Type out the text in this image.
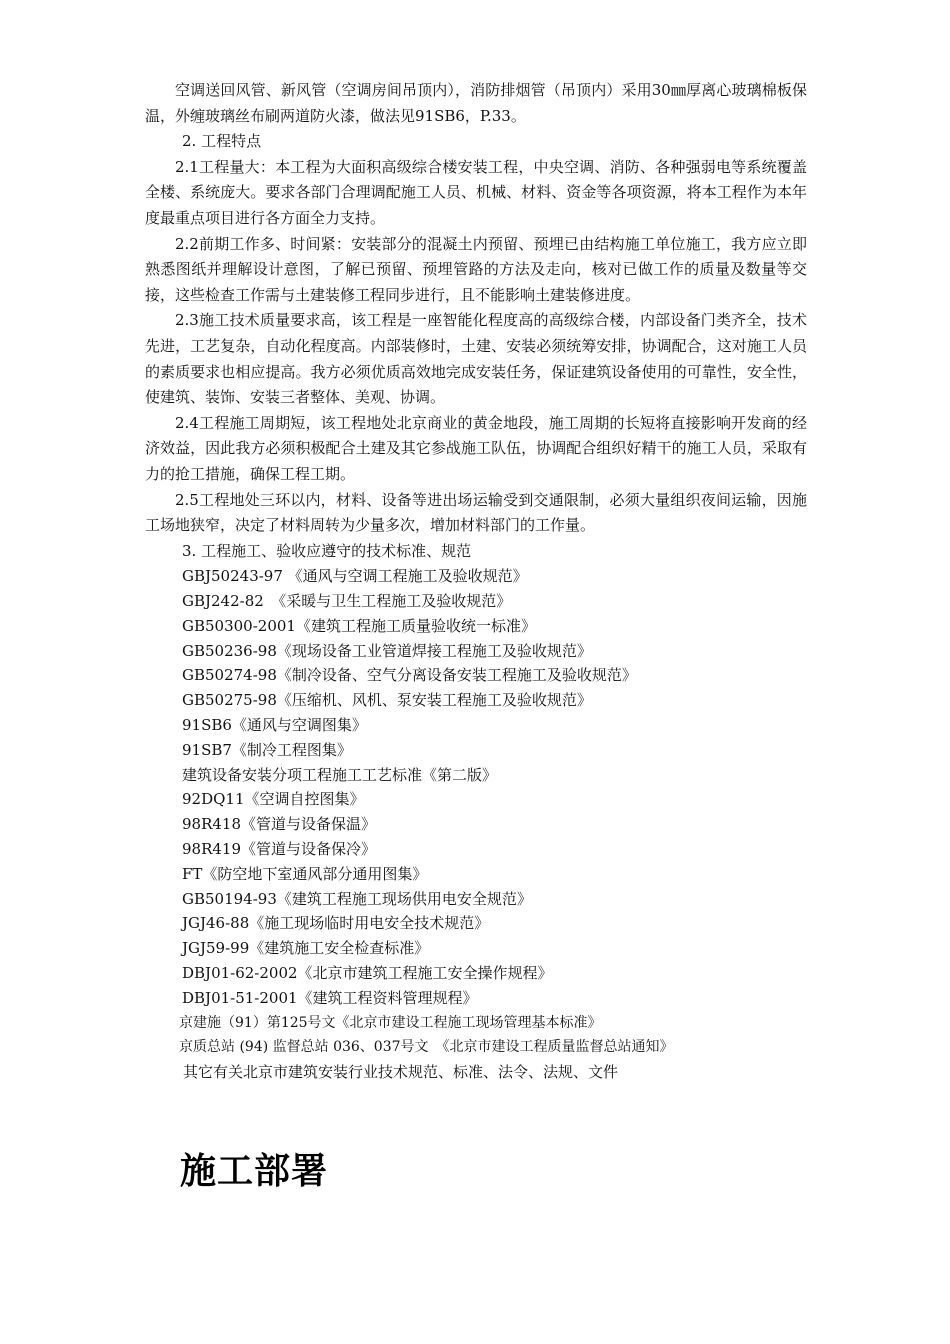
空调送回风管、新风管（空调房间吊顶内），消防排烟管（吊顶内）采用30㎜厚离心玻璃棉板保温，外缠玻璃丝布刷两道防火漆，做法见91SB6，P.33。

2. 工程特点

2.1工程量大：本工程为大面积高级综合楼安装工程，中央空调、消防、各种强弱电等系统覆盖全楼、系统庞大。要求各部门合理调配施工人员、机械、材料、资金等各项资源，将本工程作为本年度最重点项目进行各方面全力支持。

2.2前期工作多、时间紧：安装部分的混凝土内预留、预埋已由结构施工单位施工，我方应立即熟悉图纸并理解设计意图，了解已预留、预埋管路的方法及走向，核对已做工作的质量及数量等交接，这些检查工作需与土建装修工程同步进行，且不能影响土建装修进度。

2.3施工技术质量要求高，该工程是一座智能化程度高的高级综合楼，内部设备门类齐全，技术先进，工艺复杂，自动化程度高。内部装修时，土建、安装必须统筹安排，协调配合，这对施工人员的素质要求也相应提高。我方必须优质高效地完成安装任务，保证建筑设备使用的可靠性，安全性，使建筑、装饰、安装三者整体、美观、协调。

2.4工程施工周期短，该工程地处北京商业的黄金地段，施工周期的长短将直接影响开发商的经济效益，因此我方必须积极配合土建及其它参战施工队伍，协调配合组织好精干的施工人员，采取有力的抢工措施，确保工程工期。

2.5工程地处三环以内，材料、设备等进出场运输受到交通限制，必须大量组织夜间运输，因施工场地狭窄，决定了材料周转为少量多次，增加材料部门的工作量。

3. 工程施工、验收应遵守的技术标准、规范

GBJ50243-97 《通风与空调工程施工及验收规范》
GBJ242-82　《采暖与卫生工程施工及验收规范》
GB50300-2001《建筑工程施工质量验收统一标准》
GB50236-98《现场设备工业管道焊接工程施工及验收规范》
GB50274-98《制冷设备、空气分离设备安装工程施工及验收规范》
GB50275-98《压缩机、风机、泵安装工程施工及验收规范》
91SB6《通风与空调图集》
91SB7《制冷工程图集》
建筑设备安装分项工程施工工艺标准《第二版》
92DQ11《空调自控图集》
98R418《管道与设备保温》
98R419《管道与设备保冷》
FT《防空地下室通风部分通用图集》
GB50194-93《建筑工程施工现场供用电安全规范》
JGJ46-88《施工现场临时用电安全技术规范》
JGJ59-99《建筑施工安全检查标准》
DBJ01-62-2002《北京市建筑工程施工安全操作规程》
DBJ01-51-2001《建筑工程资料管理规程》
京建施（91）第125号文《北京市建设工程施工现场管理基本标准》
京质总站 (94) 监督总站 036、037号文　《北京市建设工程质量监督总站通知》
其它有关北京市建筑安装行业技术规范、标准、法令、法规、文件
施工部署
